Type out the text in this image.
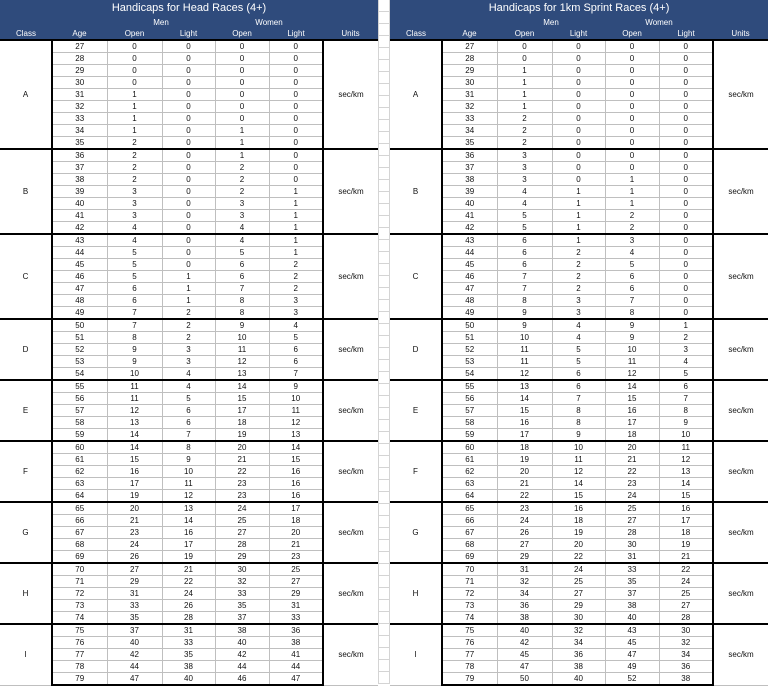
Handicaps for Head Races (4+)						
		Men		Women		
Class	Age	Open	Light	Open	Light	Units
A	27	0	0	0	0	sec/km
	28	0	0	0	0	
	29	0	0	0	0	
	30	0	0	0	0	
	31	1	0	0	0	
	32	1	0	0	0	
	33	1	0	0	0	
	34	1	0	1	0	
	35	2	0	1	0	
B	36	2	0	1	0	sec/km
	37	2	0	2	0	
	38	2	0	2	0	
	39	3	0	2	1	
	40	3	0	3	1	
	41	3	0	3	1	
	42	4	0	4	1	
C	43	4	0	4	1	sec/km
	44	5	0	5	1	
	45	5	0	6	2	
	46	5	1	6	2	
	47	6	1	7	2	
	48	6	1	8	3	
	49	7	2	8	3	
D	50	7	2	9	4	sec/km
	51	8	2	10	5	
	52	9	3	11	6	
	53	9	3	12	6	
	54	10	4	13	7	
E	55	11	4	14	9	sec/km
	56	11	5	15	10	
	57	12	6	17	11	
	58	13	6	18	12	
	59	14	7	19	13	
F	60	14	8	20	14	sec/km
	61	15	9	21	15	
	62	16	10	22	16	
	63	17	11	23	16	
	64	19	12	23	16	
G	65	20	13	24	17	sec/km
	66	21	14	25	18	
	67	23	16	27	20	
	68	24	17	28	21	
	69	26	19	29	23	
H	70	27	21	30	25	sec/km
	71	29	22	32	27	
	72	31	24	33	29	
	73	33	26	35	31	
	74	35	28	37	33	
I	75	37	31	38	36	sec/km
	76	40	33	40	38	
	77	42	35	42	41	
	78	44	38	44	44	
	79	47	40	46	47	
Handicaps for 1km Sprint Races (4+)						
		Men		Women		
Class	Age	Open	Light	Open	Light	Units
A	27	0	0	0	0	sec/km
	28	0	0	0	0	
	29	1	0	0	0	
	30	1	0	0	0	
	31	1	0	0	0	
	32	1	0	0	0	
	33	2	0	0	0	
	34	2	0	0	0	
	35	2	0	0	0	
B	36	3	0	0	0	sec/km
	37	3	0	0	0	
	38	3	0	1	0	
	39	4	1	1	0	
	40	4	1	1	0	
	41	5	1	2	0	
	42	5	1	2	0	
C	43	6	1	3	0	sec/km
	44	6	2	4	0	
	45	6	2	5	0	
	46	7	2	6	0	
	47	7	2	6	0	
	48	8	3	7	0	
	49	9	3	8	0	
D	50	9	4	9	1	sec/km
	51	10	4	9	2	
	52	11	5	10	3	
	53	11	5	11	4	
	54	12	6	12	5	
E	55	13	6	14	6	sec/km
	56	14	7	15	7	
	57	15	8	16	8	
	58	16	8	17	9	
	59	17	9	18	10	
F	60	18	10	20	11	sec/km
	61	19	11	21	12	
	62	20	12	22	13	
	63	21	14	23	14	
	64	22	15	24	15	
G	65	23	16	25	16	sec/km
	66	24	18	27	17	
	67	26	19	28	18	
	68	27	20	30	19	
	69	29	22	31	21	
H	70	31	24	33	22	sec/km
	71	32	25	35	24	
	72	34	27	37	25	
	73	36	29	38	27	
	74	38	30	40	28	
I	75	40	32	43	30	sec/km
	76	42	34	45	32	
	77	45	36	47	34	
	78	47	38	49	36	
	79	50	40	52	38	
